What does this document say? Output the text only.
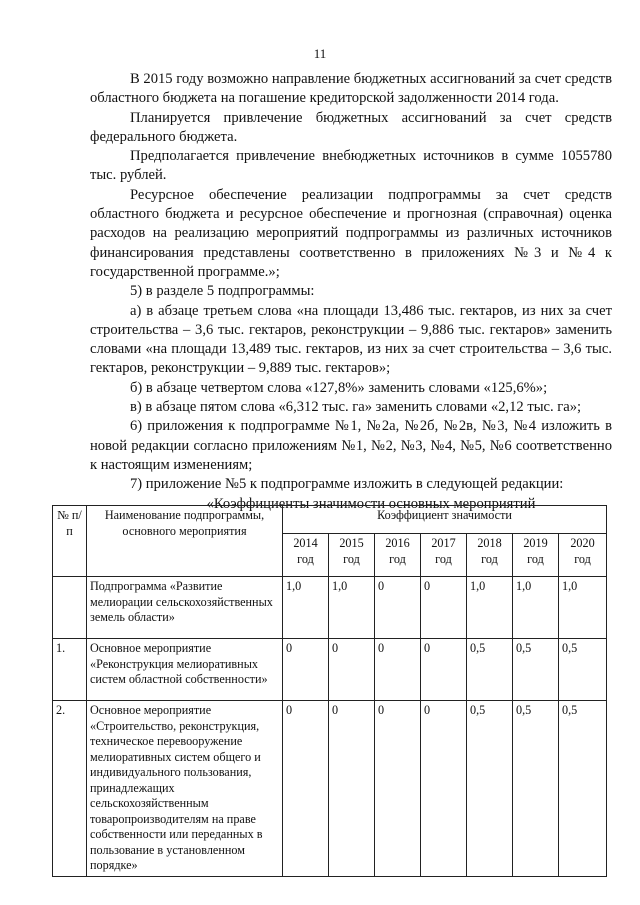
11

В 2015 году возможно направление бюджетных ассигнований за счет средств областного бюджета на погашение кредиторской задолженности 2014 года.

Планируется привлечение бюджетных ассигнований за счет средств федерального бюджета.

Предполагается привлечение внебюджетных источников в сумме 1055780 тыс. рублей.

Ресурсное обеспечение реализации подпрограммы за счет средств областного бюджета и ресурсное обеспечение и прогнозная (справочная) оценка расходов на реализацию мероприятий подпрограммы из различных источников финансирования представлены соответственно в приложениях №3 и №4 к государственной программе.»;

5) в разделе 5 подпрограммы:

а) в абзаце третьем слова «на площади 13,486 тыс. гектаров, из них за счет строительства – 3,6 тыс. гектаров, реконструкции – 9,886 тыс. гектаров» заменить словами «на площади 13,489 тыс. гектаров, из них за счет строительства – 3,6 тыс. гектаров, реконструкции – 9,889 тыс. гектаров»;

б) в абзаце четвертом слова «127,8%» заменить словами «125,6%»;

в) в абзаце пятом слова «6,312 тыс. га» заменить словами «2,12 тыс. га»;

6) приложения к подпрограмме №1, №2а, №2б, №2в, №3, №4 изложить в новой редакции согласно приложениям №1, №2, №3, №4, №5, №6 соответственно к настоящим изменениям;

7) приложение №5 к подпрограмме изложить в следующей редакции:

«Коэффициенты значимости основных мероприятий

№ п/п	Наименование подпрограммы, основного мероприятия	Коэффициент значимости						
		2014 год	2015 год	2016 год	2017 год	2018 год	2019 год	2020 год
	Подпрограмма «Развитие мелиорации сельскохозяйственных земель области»	1,0	1,0	0	0	1,0	1,0	1,0
1.	Основное мероприятие «Реконструкция мелиоративных систем областной собственности»	0	0	0	0	0,5	0,5	0,5
2.	Основное мероприятие «Строительство, реконструкция, техническое перевооружение мелиоративных систем общего и индивидуального пользования, принадлежащих сельскохозяйственным товаропроизводителям на праве собственности или переданных в пользование в установленном порядке»	0	0	0	0	0,5	0,5	0,5
